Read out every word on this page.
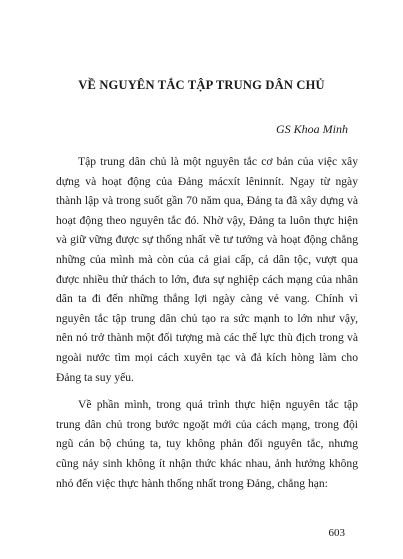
VỀ NGUYÊN TẮC TẬP TRUNG DÂN CHỦ
GS Khoa Minh

Tập trung dân chủ là một nguyên tắc cơ bản của việc xây dựng và hoạt động của Đảng mácxít lêninnít. Ngay từ ngày thành lập và trong suốt gần 70 năm qua, Đảng ta đã xây dựng và hoạt động theo nguyên tắc đó. Nhờ vậy, Đảng ta luôn thực hiện và giữ vững được sự thống nhất về tư tưởng và hoạt động chẳng những của mình mà còn của cả giai cấp, cả dân tộc, vượt qua được nhiều thử thách to lớn, đưa sự nghiệp cách mạng của nhân dân ta đi đến những thắng lợi ngày càng vẻ vang. Chính vì nguyên tắc tập trung dân chủ tạo ra sức mạnh to lớn như vậy, nên nó trở thành một đối tượng mà các thế lực thù địch trong và ngoài nước tìm mọi cách xuyên tạc và đả kích hòng làm cho Đảng ta suy yếu.

Về phần mình, trong quá trình thực hiện nguyên tắc tập trung dân chủ trong bước ngoặt mới của cách mạng, trong đội ngũ cán bộ chúng ta, tuy không phản đối nguyên tắc, nhưng cũng nảy sinh không ít nhận thức khác nhau, ảnh hưởng không nhỏ đến việc thực hành thống nhất trong Đảng, chẳng hạn:

603
